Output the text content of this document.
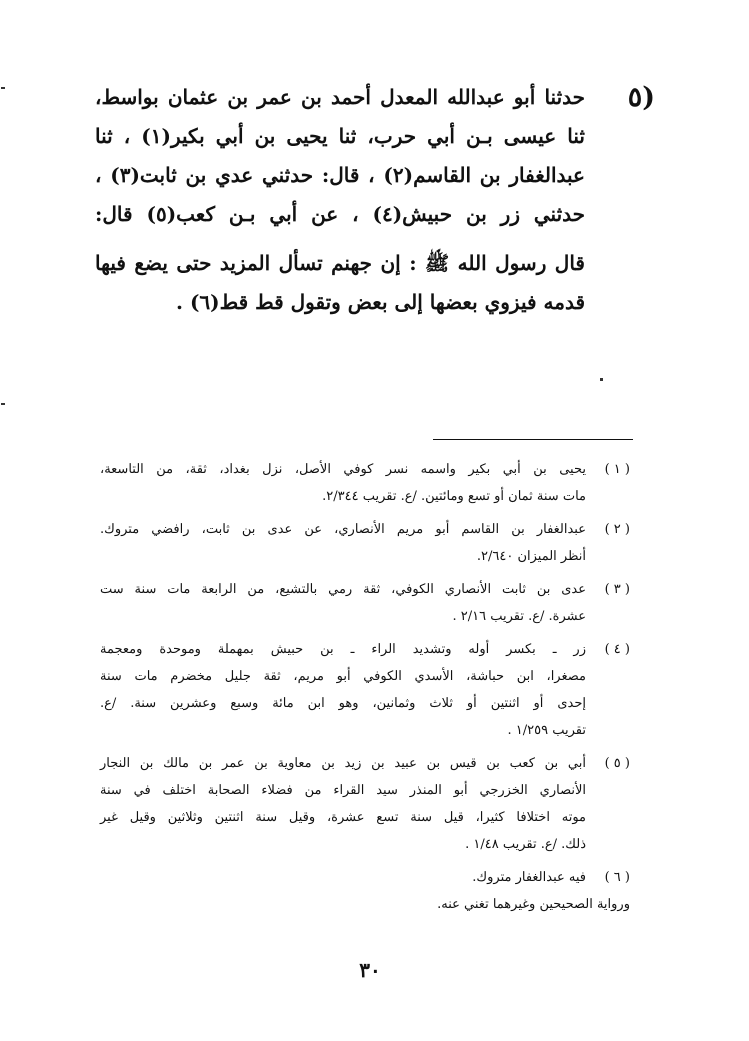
٥)
حدثنا أبو عبدالله المعدل أحمد بن عمر بن عثمان بواسط،
ثنا عيسى بـن أبي حرب، ثنا يحيى بن أبي بكير(١) ، ثنا
عبدالغفار بن القاسم(٢) ، قال: حدثني عدي بن ثابت(٣) ،
حدثني زر بن حبيش(٤) ، عن أبي بـن كعب(٥) قال:
قال رسول الله ﷺ : إن جهنم تسأل المزيد حتى يضع فيها
قدمه فيزوي بعضها إلى بعض وتقول قط قط(٦) .
( ١ )
يحيى بن أبي بكير واسمه نسر كوفي الأصل، نزل بغداد، ثقة، من التاسعة،
مات سنة ثمان أو تسع ومائتين. /ع. تقريب ٢/٣٤٤.
( ٢ )
عبدالغفار بن القاسم أبو مريم الأنصاري، عن عدى بن ثابت، رافضي متروك.
أنظر الميزان ٢/٦٤٠.
( ٣ )
عدى بن ثابت الأنصاري الكوفي، ثقة رمي بالتشيع، من الرابعة مات سنة ست
عشرة. /ع. تقريب ٢/١٦ .
( ٤ )
زر ـ بكسر أوله وتشديد الراء ـ بن حبيش بمهملة وموحدة ومعجمة
مصغرا، ابن حباشة، الأسدي الكوفي أبو مريم، ثقة جليل مخضرم مات سنة
إحدى أو اثنتين أو ثلاث وثمانين، وهو ابن مائة وسبع وعشرين سنة. /ع.
تقريب ١/٢٥٩ .
( ٥ )
أبي بن كعب بن قيس بن عبيد بن زيد بن معاوية بن عمر بن مالك بن النجار
الأنصاري الخزرجي أبو المنذر سيد القراء من فضلاء الصحابة اختلف في سنة
موته اختلافا كثيرا، قيل سنة تسع عشرة، وقيل سنة اثنتين وثلاثين وقيل غير
ذلك. /ع. تقريب ١/٤٨ .
( ٦ )
فيه عبدالغفار متروك.
ورواية الصحيحين وغيرهما تغني عنه.
٣٠
